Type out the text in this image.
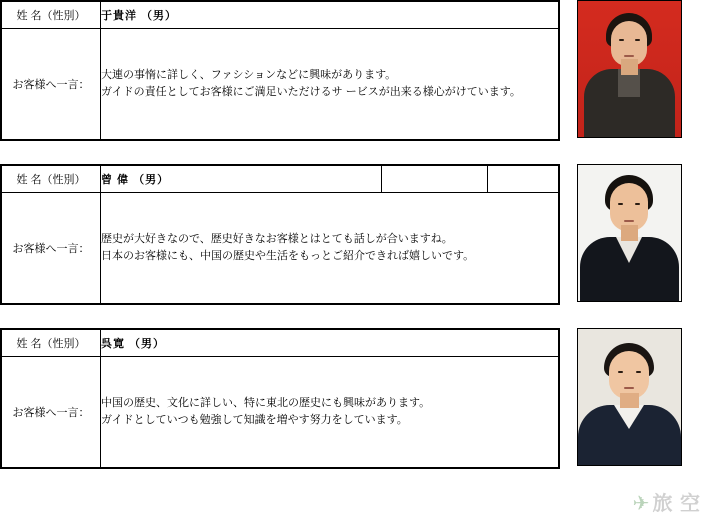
姓 名（性別）	于貴洋 （男）
お客様へ一言：	大連の事惰に詳しく、ファシションなどに興味があります。
ガイドの責任としてお客様にご満足いただけるサ ービスが出来る様心がけています。
姓 名（性別）	曾 偉 （男）		
お客様へ一言：	歴史が大好きなので、歴史好きなお客様とはとても話しが合いますね。
日本のお客様にも、中国の歴史や生活をもっとご紹介できれば嬉しいです。		
姓 名（性別）	呉寛 （男）
お客様へ一言：	中国の歴史、文化に詳しい、特に東北の歴史にも興味があります。
ガイドとしていつも勉強して知識を増やす努力をしています。
✈ 旅 空
